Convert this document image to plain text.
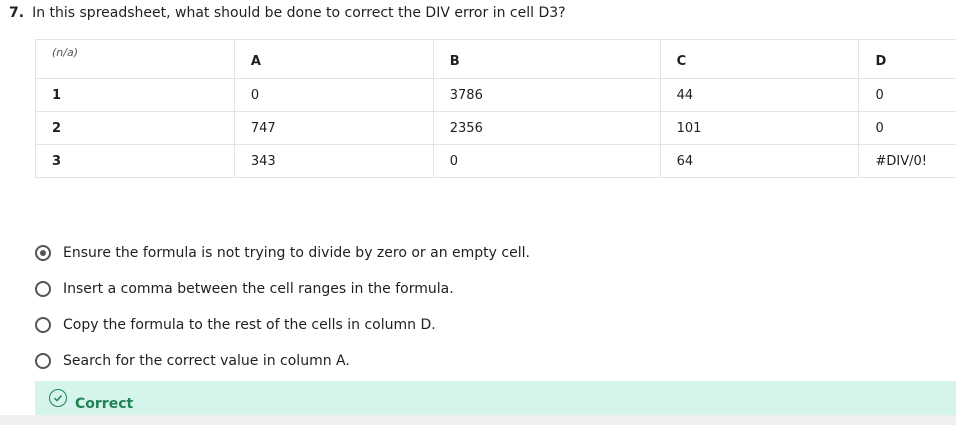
7. In this spreadsheet, what should be done to correct the DIV error in cell D3?
(n/a)	A	B	C	D
1	0	3786	44	0
2	747	2356	101	0
3	343	0	64	#DIV/0!
Ensure the formula is not trying to divide by zero or an empty cell.
Insert a comma between the cell ranges in the formula.
Copy the formula to the rest of the cells in column D.
Search for the correct value in column A.
Correct
